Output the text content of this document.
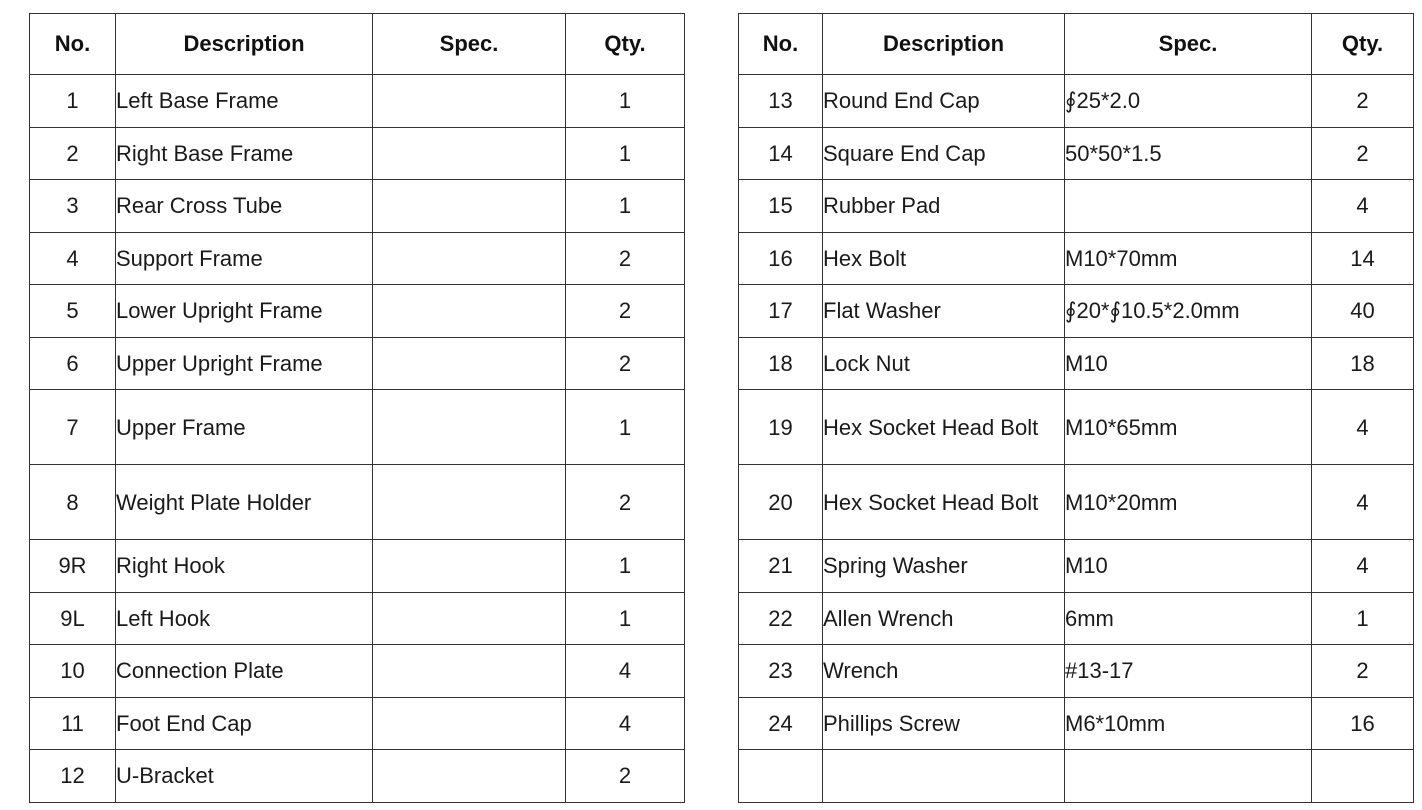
No.	Description	Spec.	Qty.
1	Left Base Frame		1
2	Right Base Frame		1
3	Rear Cross Tube		1
4	Support Frame		2
5	Lower Upright Frame		2
6	Upper Upright Frame		2
7	Upper Frame		1
8	Weight Plate Holder		2
9R	Right Hook		1
9L	Left Hook		1
10	Connection Plate		4
11	Foot End Cap		4
12	U-Bracket		2
No.	Description	Spec.	Qty.
13	Round End Cap	∮25*2.0	2
14	Square End Cap	50*50*1.5	2
15	Rubber Pad		4
16	Hex Bolt	M10*70mm	14
17	Flat Washer	∮20*∮10.5*2.0mm	40
18	Lock Nut	M10	18
19	Hex Socket Head Bolt	M10*65mm	4
20	Hex Socket Head Bolt	M10*20mm	4
21	Spring Washer	M10	4
22	Allen Wrench	6mm	1
23	Wrench	#13-17	2
24	Phillips Screw	M6*10mm	16
